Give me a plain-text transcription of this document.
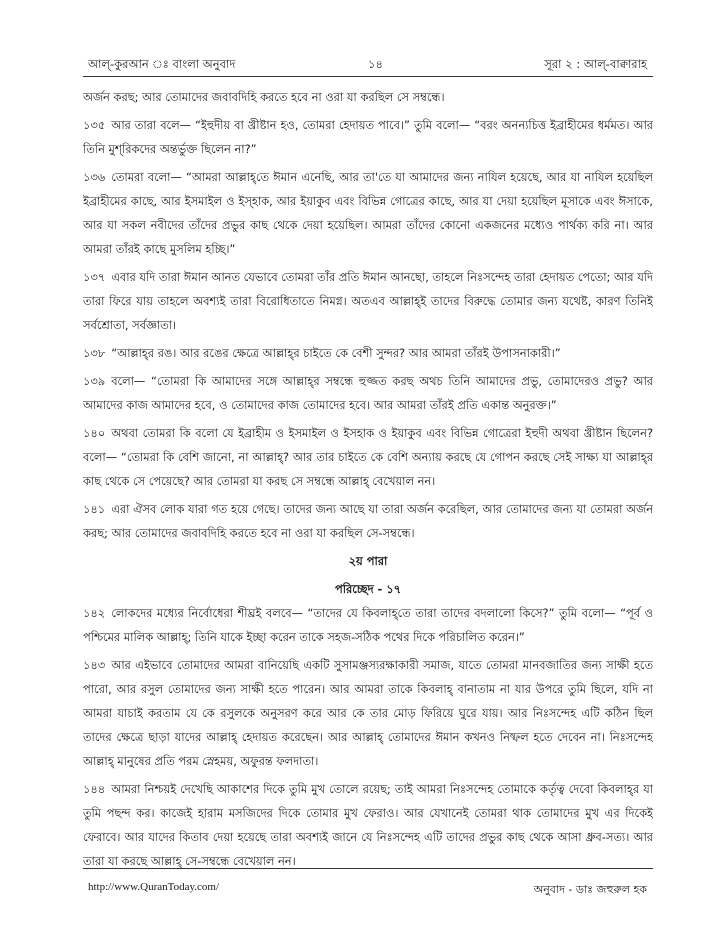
আল্-কুরআন ঃ বাংলা অনুবাদ	১৪	সূরা ২ : আল্-বাক্বারাহ

অর্জন করছ; আর তোমাদের জবাবদিহি করতে হবে না ওরা যা করছিল সে সম্বন্ধে।

১৩৫ আর তারা বলে— “ইহুদীয় বা খ্রীষ্টান হও, তোমরা হেদায়ত পাবে।” তুমি বলো— “বরং অনন্যচিত্ত ইব্রাহীমের ধর্মমত। আর তিনি মুশ্‌রিকদের অন্তর্ভুক্ত ছিলেন না?”

১৩৬ তোমরা বলো— “আমরা আল্লাহ্‌তে ঈমান এনেছি, আর তা'তে যা আমাদের জন্য নাযিল হয়েছে, আর যা নাযিল হয়েছিল ইব্রাহীমের কাছে, আর ইসমাইল ও ইস্‌হাক, আর ইয়াকুব এবং বিভিন্ন গোত্রের কাছে, আর যা দেয়া হয়েছিল মূসাকে এবং ঈসাকে, আর যা সকল নবীদের তাঁদের প্রভুর কাছ থেকে দেয়া হয়েছিল। আমরা তাঁদের কোনো একজনের মধ্যেও পার্থক্য করি না। আর আমরা তাঁরই কাছে মুসলিম হচ্ছি।”

১৩৭ এবার যদি তারা ঈমান আনত যেভাবে তোমরা তাঁর প্রতি ঈমান আনছো, তাহলে নিঃসন্দেহ তারা হেদায়ত পেতো; আর যদি তারা ফিরে যায় তাহলে অবশ্যই তারা বিরোধিতাতে নিমগ্ন। অতএব আল্লাহ্‌ই তাদের বিরুদ্ধে তোমার জন্য যথেষ্ট, কারণ তিনিই সর্বশ্রোতা, সর্বজ্ঞাতা।

১৩৮ “আল্লাহ্‌র রঙ। আর রঙের ক্ষেত্রে আল্লাহ্‌র চাইতে কে বেশী সুন্দর? আর আমরা তাঁরই উপাসনাকারী।”

১৩৯ বলো— “তোমরা কি আমাদের সঙ্গে আল্লাহ্‌র সম্বন্ধে হুজ্জত করছ অথচ তিনি আমাদের প্রভু, তোমাদেরও প্রভু? আর আমাদের কাজ আমাদের হবে, ও তোমাদের কাজ তোমাদের হবে। আর আমরা তাঁরই প্রতি একান্ত অনুরক্ত।”

১৪০ অথবা তোমরা কি বলো যে ইব্রাহীম ও ইসমাইল ও ইসহাক ও ইয়াকুব এবং বিভিন্ন গোত্রেরা ইহুদী অথবা খ্রীষ্টান ছিলেন? বলো— “তোমরা কি বেশি জানো, না আল্লাহ্‌? আর তার চাইতে কে বেশি অন্যায় করছে যে গোপন করছে সেই সাক্ষ্য যা আল্লাহ্‌র কাছ থেকে সে পেয়েছে? আর তোমরা যা করছ সে সম্বন্ধে আল্লাহ্‌ বেখেয়াল নন।

১৪১ এরা ঐসব লোক যারা গত হয়ে গেছে। তাদের জন্য আছে যা তারা অর্জন করেছিল, আর তোমাদের জন্য যা তোমরা অর্জন করছ; আর তোমাদের জবাবদিহি করতে হবে না ওরা যা করছিল সে-সম্বন্ধে।

২য় পারা

পরিচ্ছেদ - ১৭

১৪২ লোকদের মধ্যের নির্বোধেরা শীঘ্রই বলবে— “তাদের যে কিবলাহ্‌তে তারা তাদের বদলালো কিসে?” তুমি বলো— “পূর্ব ও পশ্চিমের মালিক আল্লাহ্‌; তিনি যাকে ইচ্ছা করেন তাকে সহজ-সঠিক পথের দিকে পরিচালিত করেন।”

১৪৩ আর এইভাবে তোমাদের আমরা বানিয়েছি একটি সুসামঞ্জস্যরক্ষাকারী সমাজ, যাতে তোমরা মানবজাতির জন্য সাক্ষী হতে পারো, আর রসুল তোমাদের জন্য সাক্ষী হতে পারেন। আর আমরা তাকে কিবলাহ্‌ বানাতাম না যার উপরে তুমি ছিলে, যদি না আমরা যাচাই করতাম যে কে রসুলকে অনুসরণ করে আর কে তার মোড় ফিরিয়ে ঘুরে যায়। আর নিঃসন্দেহ এটি কঠিন ছিল তাদের ক্ষেত্রে ছাড়া যাদের আল্লাহ্‌ হেদায়ত করেছেন। আর আল্লাহ্‌ তোমাদের ঈমান কখনও নিষ্ফল হতে দেবেন না। নিঃসন্দেহ আল্লাহ্‌ মানুষের প্রতি পরম স্নেহময়, অফুরন্ত ফলদাতা।

১৪৪ আমরা নিশ্চয়ই দেখেছি আকাশের দিকে তুমি মুখ তোলে রয়েছ; তাই আমরা নিঃসন্দেহ তোমাকে কর্তৃত্ব দেবো কিবলাহ্‌র যা তুমি পছন্দ কর। কাজেই হারাম মসজিদের দিকে তোমার মুখ ফেরাও। আর যেখানেই তোমরা থাক তোমাদের মুখ এর দিকেই ফেরাবে। আর যাদের কিতাব দেয়া হয়েছে তারা অবশ্যই জানে যে নিঃসন্দেহ এটি তাদের প্রভুর কাছ থেকে আসা ধ্রুব-সত্য। আর তারা যা করছে আল্লাহ্‌ সে-সম্বন্ধে বেখেয়াল নন।

http://www.QuranToday.com/	অনুবাদ - ডাঃ জহুরুল হক
